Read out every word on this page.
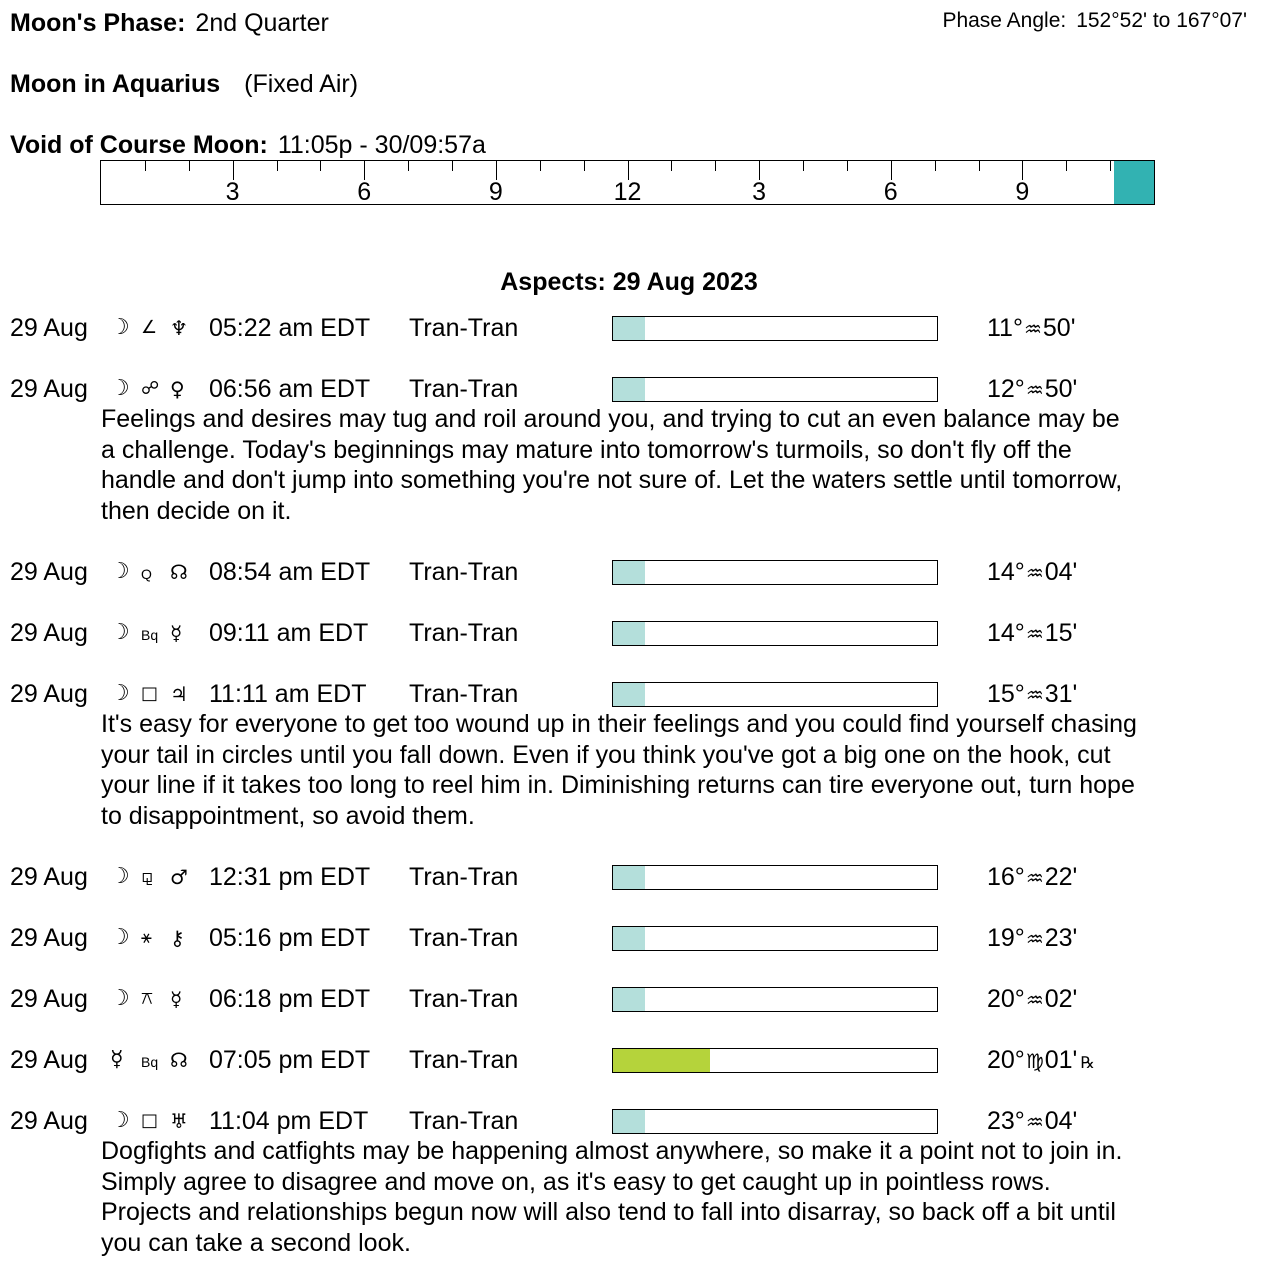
Moon's Phase: 2nd Quarter	Phase Angle: 152°52' to 167°07'
Moon in Aquarius (Fixed Air)
Void of Course Moon: 11:05p - 30/09:57a
3	6	9	12	3	6	9
Aspects: 29 Aug 2023
29 Aug ☽ ∠ ♆ 05:22 am EDT Tran-Tran	11°♒50'
29 Aug ☽ ☍ ♀ 06:56 am EDT Tran-Tran	12°♒50'
Feelings and desires may tug and roil around you, and trying to cut an even balance may be
a challenge. Today's beginnings may mature into tomorrow's turmoils, so don't fly off the
handle and don't jump into something you're not sure of. Let the waters settle until tomorrow,
then decide on it.
29 Aug ☽ Q ☊ 08:54 am EDT Tran-Tran	14°♒04'
29 Aug ☽ Bq ☿ 09:11 am EDT Tran-Tran	14°♒15'
29 Aug ☽ □ ♃ 11:11 am EDT Tran-Tran	15°♒31'
It's easy for everyone to get too wound up in their feelings and you could find yourself chasing
your tail in circles until you fall down. Even if you think you've got a big one on the hook, cut
your line if it takes too long to reel him in. Diminishing returns can tire everyone out, turn hope
to disappointment, so avoid them.
29 Aug ☽ ⚼ ♂ 12:31 pm EDT Tran-Tran	16°♒22'
29 Aug ☽ ⚹ ⚷ 05:16 pm EDT Tran-Tran	19°♒23'
29 Aug ☽ ⚻ ☿ 06:18 pm EDT Tran-Tran	20°♒02'
29 Aug ☿ Bq ☊ 07:05 pm EDT Tran-Tran	20°♍01' ℞
29 Aug ☽ □ ♅ 11:04 pm EDT Tran-Tran	23°♒04'
Dogfights and catfights may be happening almost anywhere, so make it a point not to join in.
Simply agree to disagree and move on, as it's easy to get caught up in pointless rows.
Projects and relationships begun now will also tend to fall into disarray, so back off a bit until
you can take a second look.
